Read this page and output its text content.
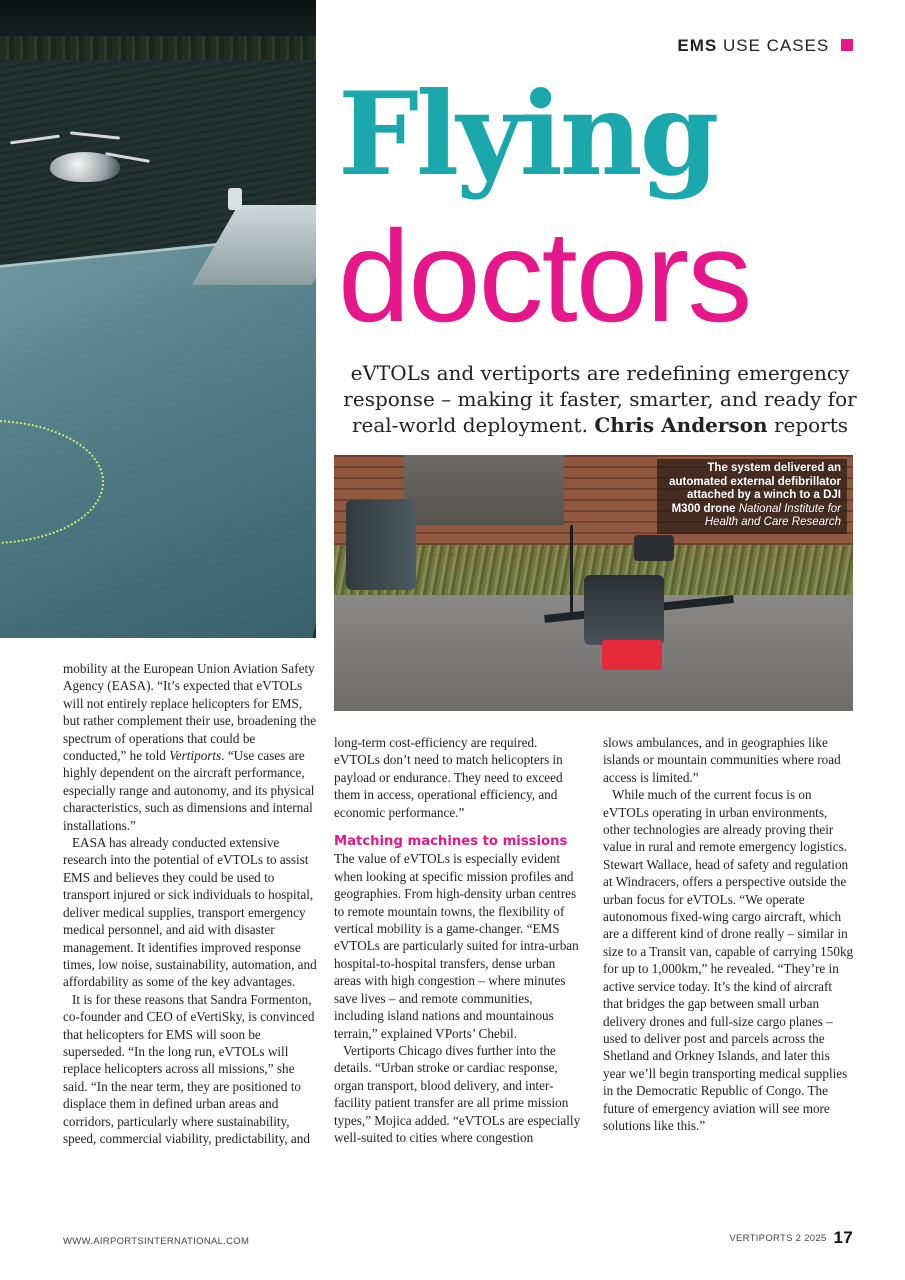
EMS USE CASES
Flying
doctors
eVTOLs and vertiports are redefining emergency response – making it faster, smarter, and ready for real-world deployment. Chris Anderson reports
The system delivered an automated external defibrillator attached by a winch to a DJI M300 drone National Institute for Health and Care Research

mobility at the European Union Aviation Safety Agency (EASA). “It’s expected that eVTOLs will not entirely replace helicopters for EMS, but rather complement their use, broadening the spectrum of operations that could be conducted,” he told Vertiports. “Use cases are highly dependent on the aircraft performance, especially range and autonomy, and its physical characteristics, such as dimensions and internal installations.”

EASA has already conducted extensive research into the potential of eVTOLs to assist EMS and believes they could be used to transport injured or sick individuals to hospital, deliver medical supplies, transport emergency medical personnel, and aid with disaster management. It identifies improved response times, low noise, sustainability, automation, and affordability as some of the key advantages.

It is for these reasons that Sandra Formenton, co-founder and CEO of eVertiSky, is convinced that helicopters for EMS will soon be superseded. “In the long run, eVTOLs will replace helicopters across all missions,” she said. “In the near term, they are positioned to displace them in defined urban areas and corridors, particularly where sustainability, speed, commercial viability, predictability, and

long-term cost-efficiency are required. eVTOLs don’t need to match helicopters in payload or endurance. They need to exceed them in access, operational efficiency, and economic performance.”

Matching machines to missions

The value of eVTOLs is especially evident when looking at specific mission profiles and geographies. From high-density urban centres to remote mountain towns, the flexibility of vertical mobility is a game-changer. “EMS eVTOLs are particularly suited for intra-urban hospital-to-hospital transfers, dense urban areas with high congestion – where minutes save lives – and remote communities, including island nations and mountainous terrain,” explained VPorts’ Chebil.

Vertiports Chicago dives further into the details. “Urban stroke or cardiac response, organ transport, blood delivery, and inter-facility patient transfer are all prime mission types,” Mojica added. “eVTOLs are especially well-suited to cities where congestion

slows ambulances, and in geographies like islands or mountain communities where road access is limited.”

While much of the current focus is on eVTOLs operating in urban environments, other technologies are already proving their value in rural and remote emergency logistics. Stewart Wallace, head of safety and regulation at Windracers, offers a perspective outside the urban focus for eVTOLs. “We operate autonomous fixed-wing cargo aircraft, which are a different kind of drone really – similar in size to a Transit van, capable of carrying 150kg for up to 1,000km,” he revealed. “They’re in active service today. It’s the kind of aircraft that bridges the gap between small urban delivery drones and full-size cargo planes – used to deliver post and parcels across the Shetland and Orkney Islands, and later this year we’ll begin transporting medical supplies in the Democratic Republic of Congo. The future of emergency aviation will see more solutions like this.”

WWW.AIRPORTSINTERNATIONAL.COM	VERTIPORTS 2 2025 17
